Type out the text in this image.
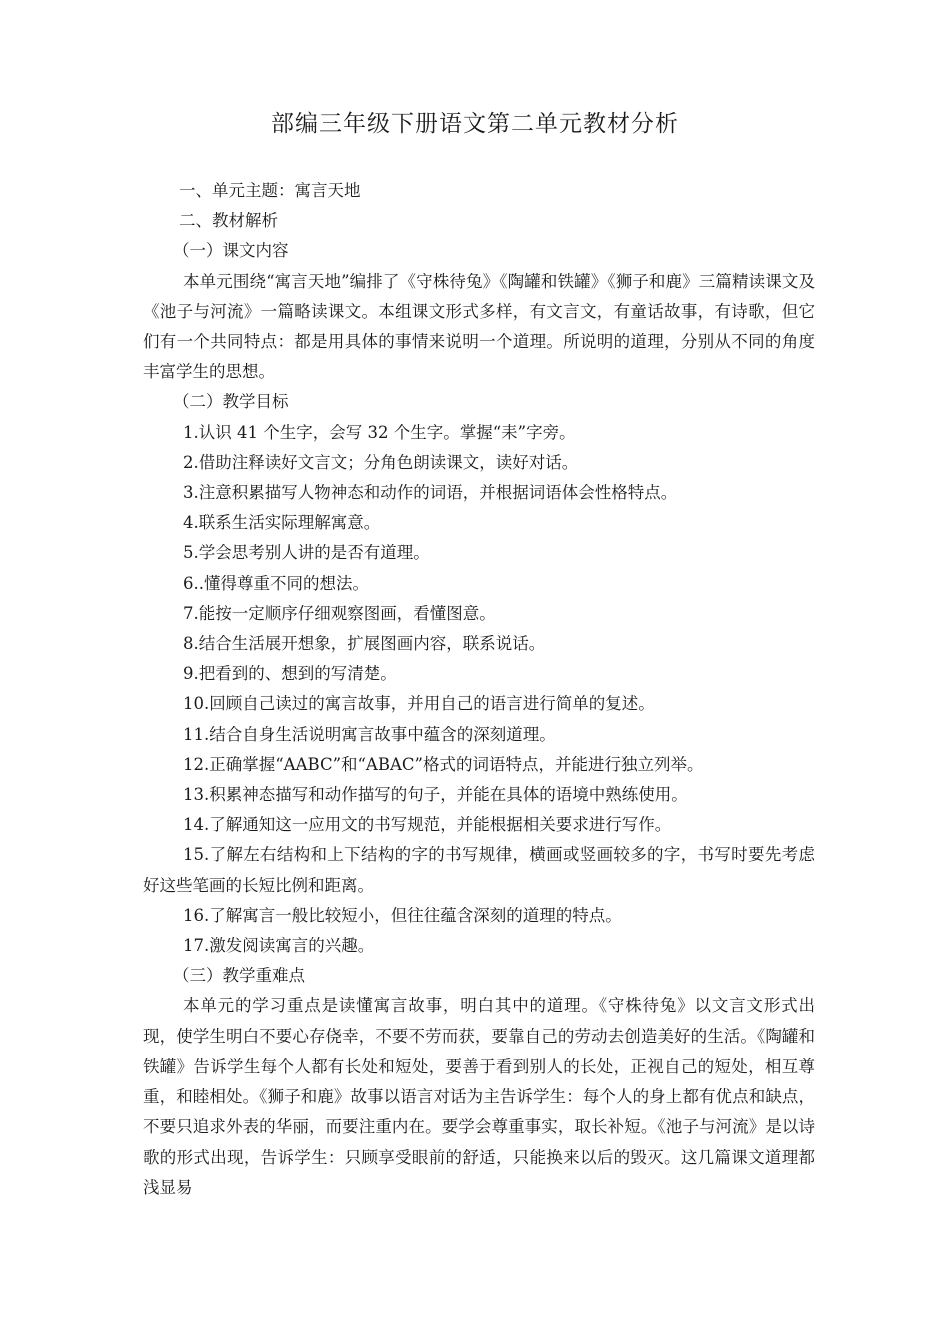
部编三年级下册语文第二单元教材分析

一、单元主题：寓言天地

二、教材解析

（一）课文内容

本单元围绕“寓言天地”编排了《守株待兔》《陶罐和铁罐》《狮子和鹿》三篇精读课文及《池子与河流》一篇略读课文。本组课文形式多样，有文言文，有童话故事，有诗歌，但它们有一个共同特点：都是用具体的事情来说明一个道理。所说明的道理，分别从不同的角度丰富学生的思想。

（二）教学目标

1.认识 41 个生字，会写 32 个生字。掌握“耒”字旁。

2.借助注释读好文言文；分角色朗读课文，读好对话。

3.注意积累描写人物神态和动作的词语，并根据词语体会性格特点。

4.联系生活实际理解寓意。

5.学会思考别人讲的是否有道理。

6..懂得尊重不同的想法。

7.能按一定顺序仔细观察图画，看懂图意。

8.结合生活展开想象，扩展图画内容，联系说话。

9.把看到的、想到的写清楚。

10.回顾自己读过的寓言故事，并用自己的语言进行简单的复述。

11.结合自身生活说明寓言故事中蕴含的深刻道理。

12.正确掌握“AABC”和“ABAC”格式的词语特点，并能进行独立列举。

13.积累神态描写和动作描写的句子，并能在具体的语境中熟练使用。

14.了解通知这一应用文的书写规范，并能根据相关要求进行写作。

15.了解左右结构和上下结构的字的书写规律，横画或竖画较多的字，书写时要先考虑好这些笔画的长短比例和距离。

16.了解寓言一般比较短小，但往往蕴含深刻的道理的特点。

17.激发阅读寓言的兴趣。

（三）教学重难点

本单元的学习重点是读懂寓言故事，明白其中的道理。《守株待兔》以文言文形式出现，使学生明白不要心存侥幸，不要不劳而获，要靠自己的劳动去创造美好的生活。《陶罐和铁罐》告诉学生每个人都有长处和短处，要善于看到别人的长处，正视自己的短处，相互尊重，和睦相处。《狮子和鹿》故事以语言对话为主告诉学生：每个人的身上都有优点和缺点，不要只追求外表的华丽，而要注重内在。要学会尊重事实，取长补短。《池子与河流》是以诗歌的形式出现，告诉学生：只顾享受眼前的舒适，只能换来以后的毁灭。这几篇课文道理都浅显易
